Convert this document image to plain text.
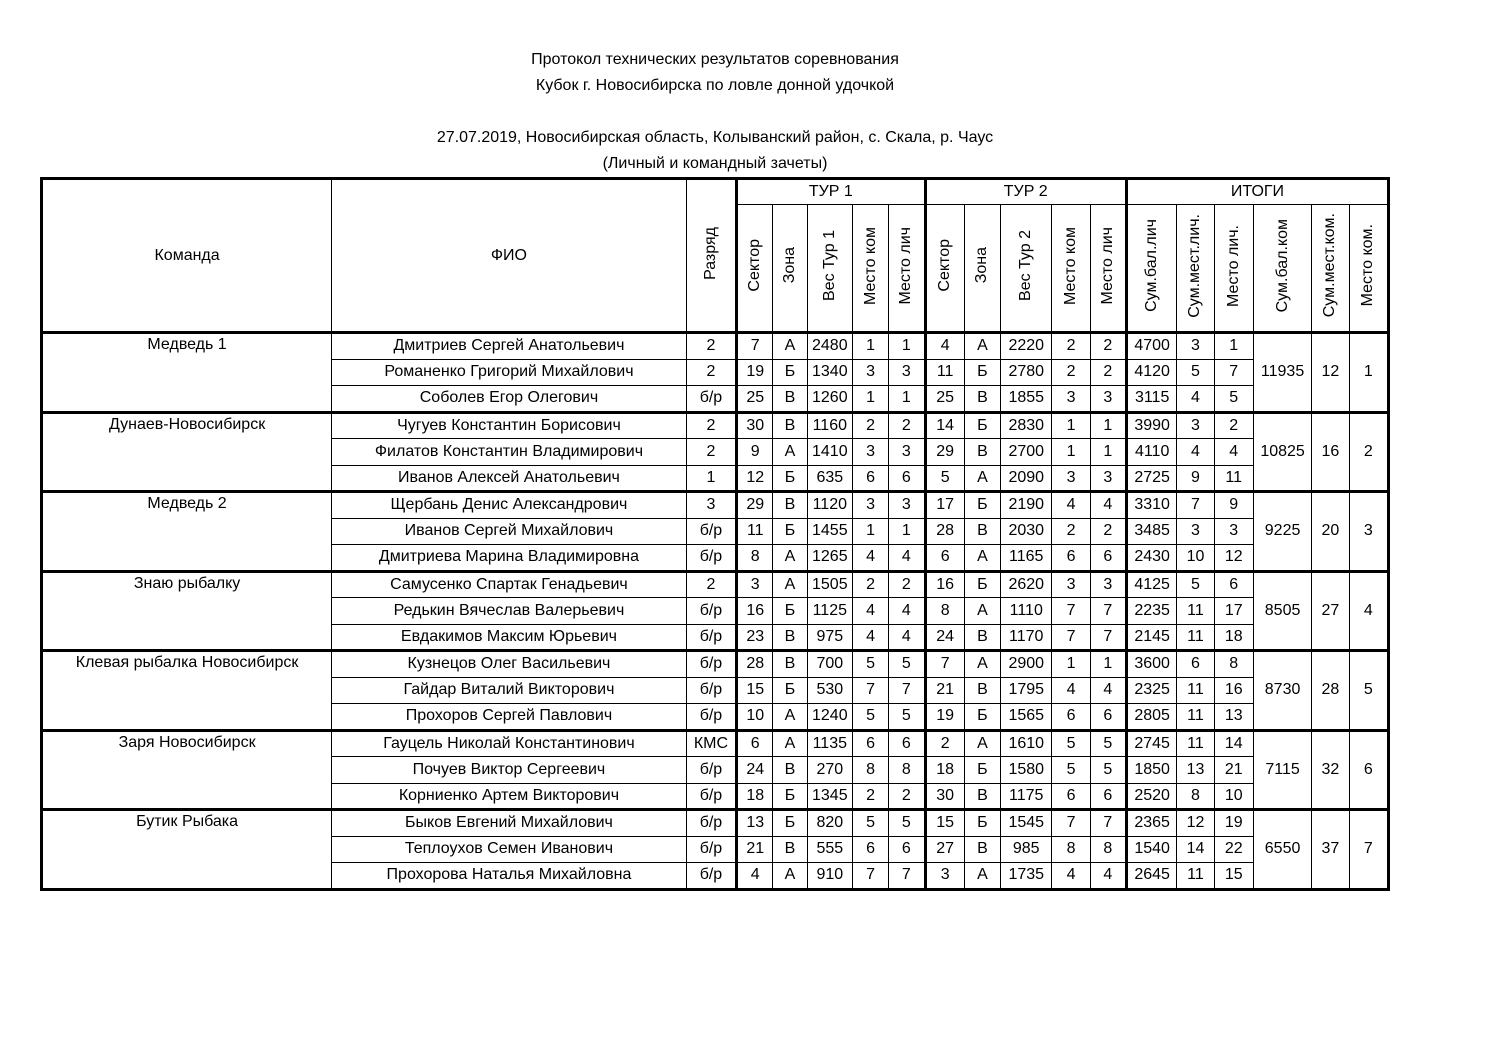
Протокол технических результатов соревнования
Кубок г. Новосибирска по ловле донной удочкой
27.07.2019, Новосибирская область, Колыванский район, с. Скала, р. Чаус
(Личный и командный зачеты)
Команда	ФИО	Разряд	ТУР 1					ТУР 2					ИТОГИ					
			Сектор	Зона	Вес Тур 1	Место ком	Место лич	Сектор	Зона	Вес Тур 2	Место ком	Место лич	Сум.бал.лич	Сум.мест.лич.	Место лич.	Сум.бал.ком	Сум.мест.ком.	Место ком.
Медведь 1	Дмитриев Сергей Анатольевич	2	7	А	2480	1	1	4	А	2220	2	2	4700	3	1	11935	12	1
	Романенко Григорий Михайлович	2	19	Б	1340	3	3	11	Б	2780	2	2	4120	5	7			
	Соболев Егор Олегович	б/р	25	В	1260	1	1	25	В	1855	3	3	3115	4	5			
Дунаев-Новосибирск	Чугуев Константин Борисович	2	30	В	1160	2	2	14	Б	2830	1	1	3990	3	2	10825	16	2
	Филатов Константин Владимирович	2	9	А	1410	3	3	29	В	2700	1	1	4110	4	4			
	Иванов Алексей Анатольевич	1	12	Б	635	6	6	5	А	2090	3	3	2725	9	11			
Медведь 2	Щербань Денис Александрович	3	29	В	1120	3	3	17	Б	2190	4	4	3310	7	9	9225	20	3
	Иванов Сергей Михайлович	б/р	11	Б	1455	1	1	28	В	2030	2	2	3485	3	3			
	Дмитриева Марина Владимировна	б/р	8	А	1265	4	4	6	А	1165	6	6	2430	10	12			
Знаю рыбалку	Самусенко Спартак Генадьевич	2	3	А	1505	2	2	16	Б	2620	3	3	4125	5	6	8505	27	4
	Редькин Вячеслав Валерьевич	б/р	16	Б	1125	4	4	8	А	1110	7	7	2235	11	17			
	Евдакимов Максим Юрьевич	б/р	23	В	975	4	4	24	В	1170	7	7	2145	11	18			
Клевая рыбалка Новосибирск	Кузнецов Олег Васильевич	б/р	28	В	700	5	5	7	А	2900	1	1	3600	6	8	8730	28	5
	Гайдар Виталий Викторович	б/р	15	Б	530	7	7	21	В	1795	4	4	2325	11	16			
	Прохоров Сергей Павлович	б/р	10	А	1240	5	5	19	Б	1565	6	6	2805	11	13			
Заря Новосибирск	Гауцель Николай Константинович	КМС	6	А	1135	6	6	2	А	1610	5	5	2745	11	14	7115	32	6
	Почуев Виктор Сергеевич	б/р	24	В	270	8	8	18	Б	1580	5	5	1850	13	21			
	Корниенко Артем Викторович	б/р	18	Б	1345	2	2	30	В	1175	6	6	2520	8	10			
Бутик Рыбака	Быков Евгений Михайлович	б/р	13	Б	820	5	5	15	Б	1545	7	7	2365	12	19	6550	37	7
	Теплоухов Семен Иванович	б/р	21	В	555	6	6	27	В	985	8	8	1540	14	22			
	Прохорова Наталья Михайловна	б/р	4	А	910	7	7	3	А	1735	4	4	2645	11	15			
